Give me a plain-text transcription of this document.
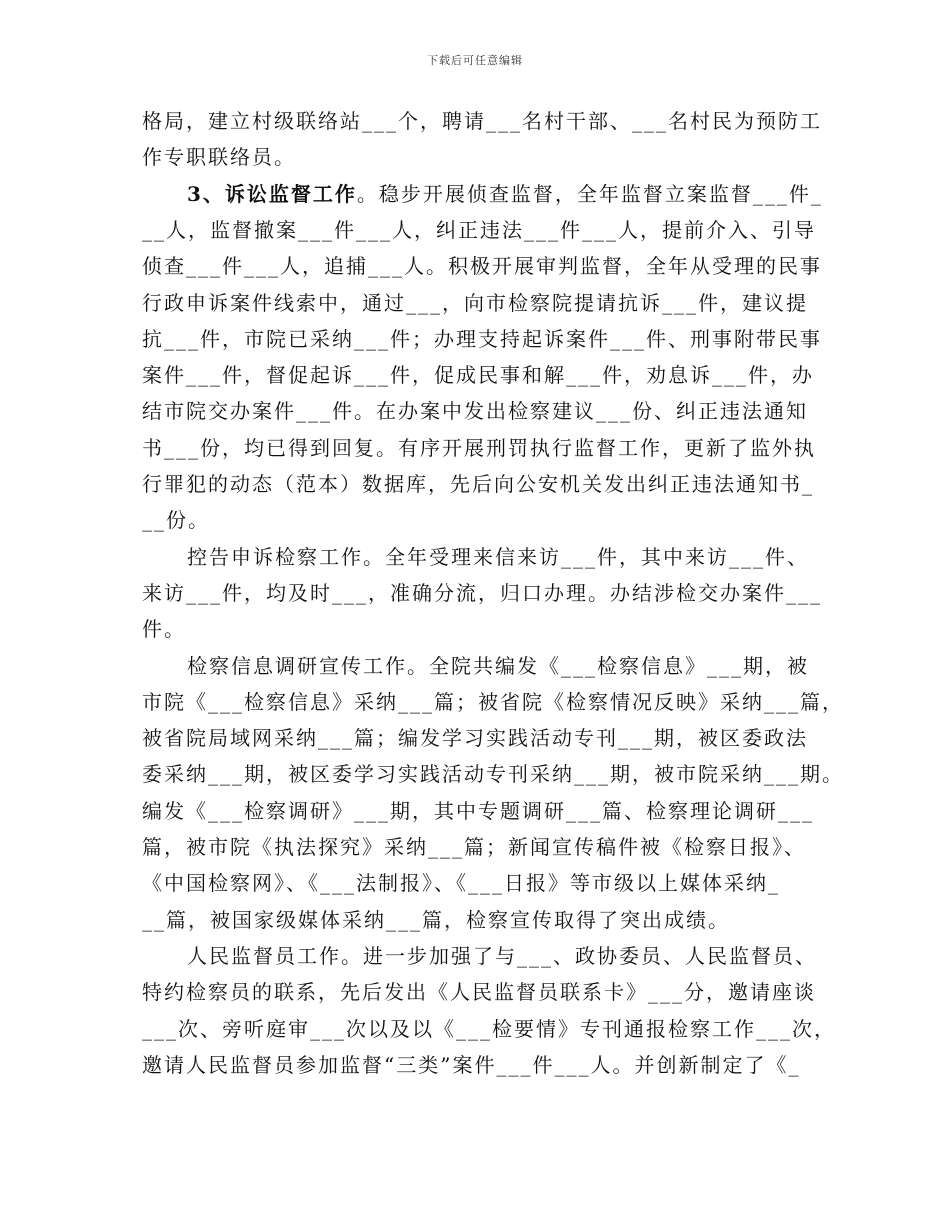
下载后可任意编辑
格局，建立村级联络站___个，聘请___名村干部、___名村民为预防工
作专职联络员。
3、诉讼监督工作。稳步开展侦查监督，全年监督立案监督___件_
__人，监督撤案___件___人，纠正违法___件___人，提前介入、引导
侦查___件___人，追捕___人。积极开展审判监督，全年从受理的民事
行政申诉案件线索中，通过___，向市检察院提请抗诉___件，建议提
抗___件，市院已采纳___件；办理支持起诉案件___件、刑事附带民事
案件___件，督促起诉___件，促成民事和解___件，劝息诉___件，办
结市院交办案件___件。在办案中发出检察建议___份、纠正违法通知
书___份，均已得到回复。有序开展刑罚执行监督工作，更新了监外执
行罪犯的动态（范本）数据库，先后向公安机关发出纠正违法通知书_
__份。
控告申诉检察工作。全年受理来信来访___件，其中来访___件、
来访___件，均及时___，准确分流，归口办理。办结涉检交办案件___
件。
检察信息调研宣传工作。全院共编发《___检察信息》___期，被
市院《___检察信息》采纳___篇；被省院《检察情况反映》采纳___篇，
被省院局域网采纳___篇；编发学习实践活动专刊___期，被区委政法
委采纳___期，被区委学习实践活动专刊采纳___期，被市院采纳___期。
编发《___检察调研》___期，其中专题调研___篇、检察理论调研___
篇，被市院《执法探究》采纳___篇；新闻宣传稿件被《检察日报》、
《中国检察网》、《___法制报》、《___日报》等市级以上媒体采纳_
__篇，被国家级媒体采纳___篇，检察宣传取得了突出成绩。
人民监督员工作。进一步加强了与___、政协委员、人民监督员、
特约检察员的联系，先后发出《人民监督员联系卡》___分，邀请座谈
___次、旁听庭审___次以及以《___检要情》专刊通报检察工作___次，
邀请人民监督员参加监督“三类”案件___件___人。并创新制定了《_
